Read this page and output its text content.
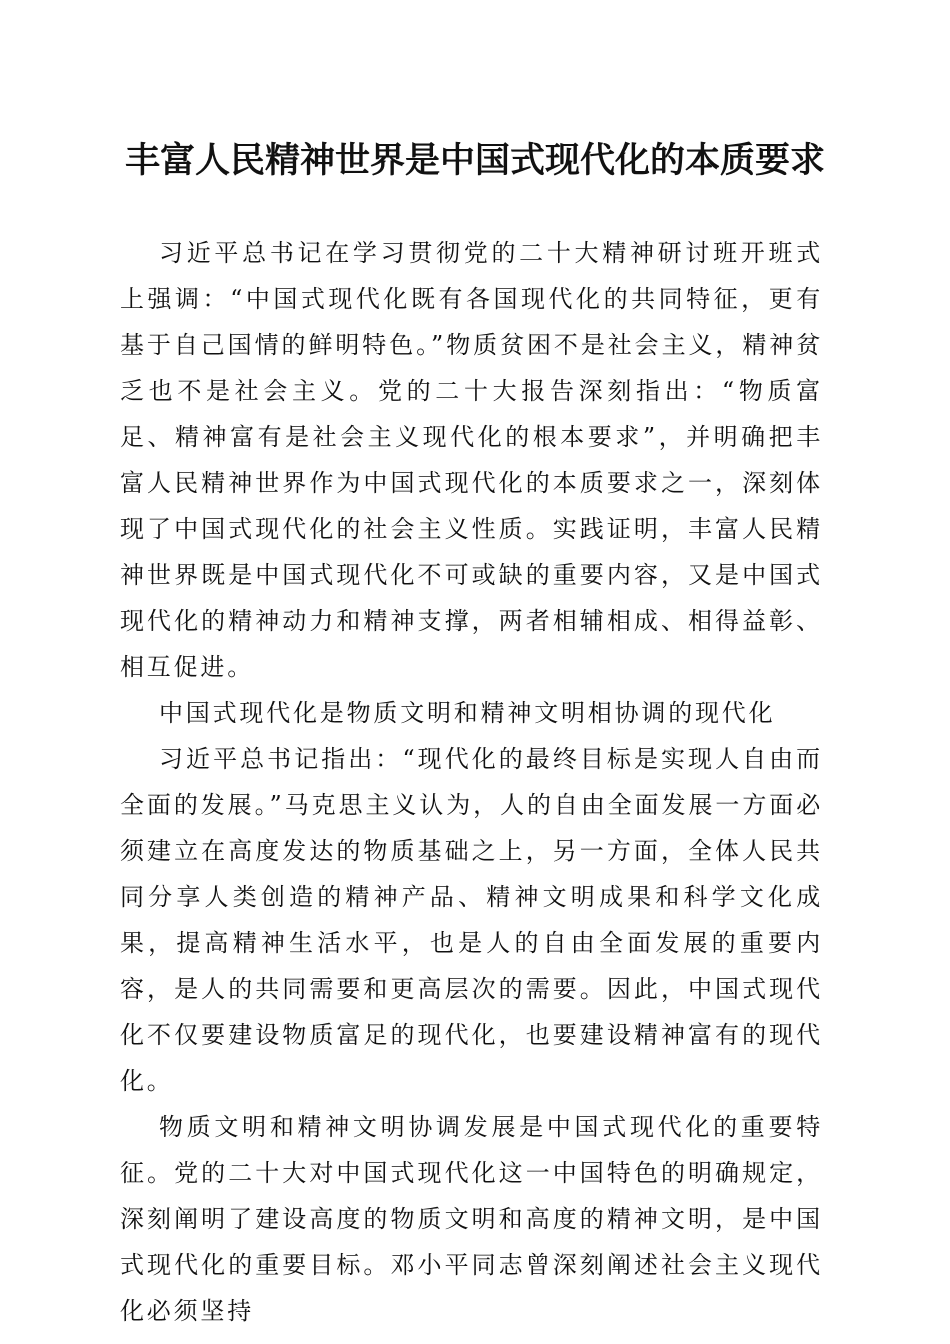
丰富人民精神世界是中国式现代化的本质要求

习近平总书记在学习贯彻党的二十大精神研讨班开班式上强调：“中国式现代化既有各国现代化的共同特征，更有基于自己国情的鲜明特色。”物质贫困不是社会主义，精神贫乏也不是社会主义。党的二十大报告深刻指出：“物质富足、精神富有是社会主义现代化的根本要求”，并明确把丰富人民精神世界作为中国式现代化的本质要求之一，深刻体现了中国式现代化的社会主义性质。实践证明，丰富人民精神世界既是中国式现代化不可或缺的重要内容，又是中国式现代化的精神动力和精神支撑，两者相辅相成、相得益彰、相互促进。

中国式现代化是物质文明和精神文明相协调的现代化

习近平总书记指出：“现代化的最终目标是实现人自由而全面的发展。”马克思主义认为，人的自由全面发展一方面必须建立在高度发达的物质基础之上，另一方面，全体人民共同分享人类创造的精神产品、精神文明成果和科学文化成果，提高精神生活水平，也是人的自由全面发展的重要内容，是人的共同需要和更高层次的需要。因此，中国式现代化不仅要建设物质富足的现代化，也要建设精神富有的现代化。

物质文明和精神文明协调发展是中国式现代化的重要特征。党的二十大对中国式现代化这一中国特色的明确规定，深刻阐明了建设高度的物质文明和高度的精神文明，是中国式现代化的重要目标。邓小平同志曾深刻阐述社会主义现代化必须坚持
